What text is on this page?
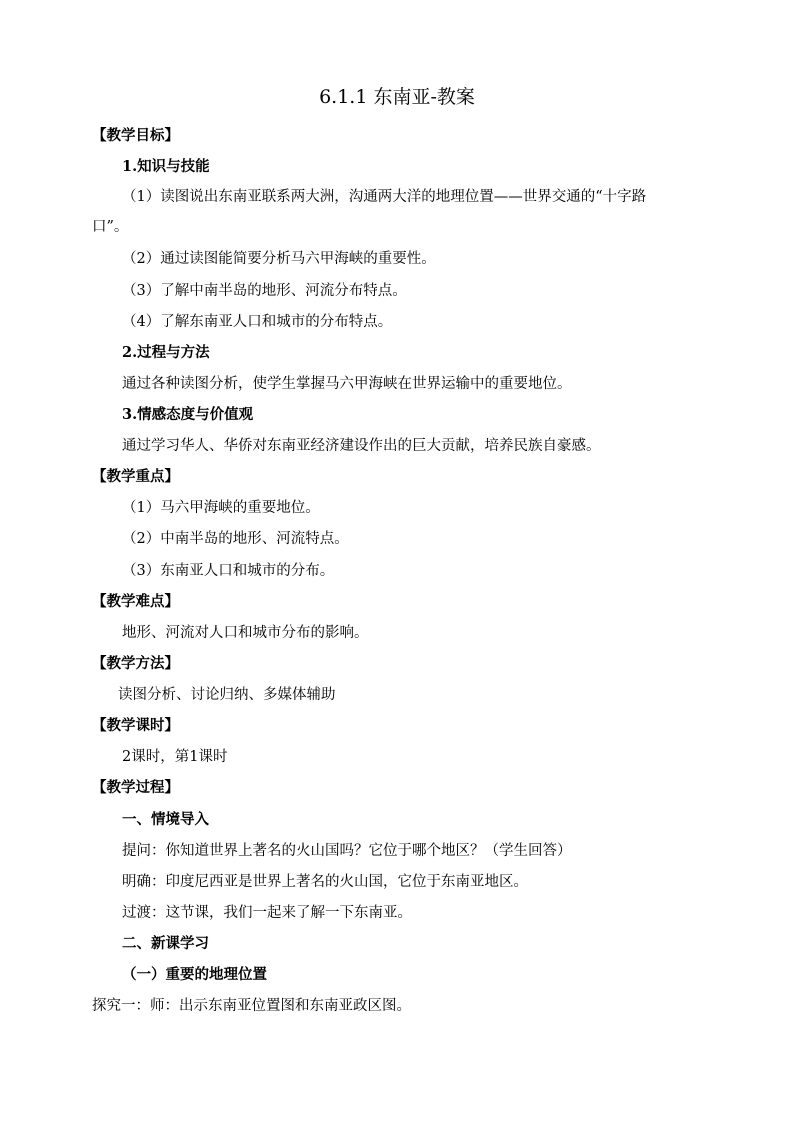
6.1.1 东南亚-教案
【教学目标】
1.知识与技能
（1）读图说出东南亚联系两大洲，沟通两大洋的地理位置——世界交通的“十字路
口”。
（2）通过读图能简要分析马六甲海峡的重要性。
（3）了解中南半岛的地形、河流分布特点。
（4）了解东南亚人口和城市的分布特点。
2.过程与方法
通过各种读图分析，使学生掌握马六甲海峡在世界运输中的重要地位。
3.情感态度与价值观
通过学习华人、华侨对东南亚经济建设作出的巨大贡献，培养民族自豪感。
【教学重点】
（1）马六甲海峡的重要地位。
（2）中南半岛的地形、河流特点。
（3）东南亚人口和城市的分布。
【教学难点】
地形、河流对人口和城市分布的影响。
【教学方法】
读图分析、讨论归纳、多媒体辅助
【教学课时】
2课时，第1课时
【教学过程】
一、情境导入
提问：你知道世界上著名的火山国吗？它位于哪个地区？（学生回答）
明确：印度尼西亚是世界上著名的火山国，它位于东南亚地区。
过渡：这节课，我们一起来了解一下东南亚。
二、新课学习
（一）重要的地理位置
探究一：师：出示东南亚位置图和东南亚政区图。
